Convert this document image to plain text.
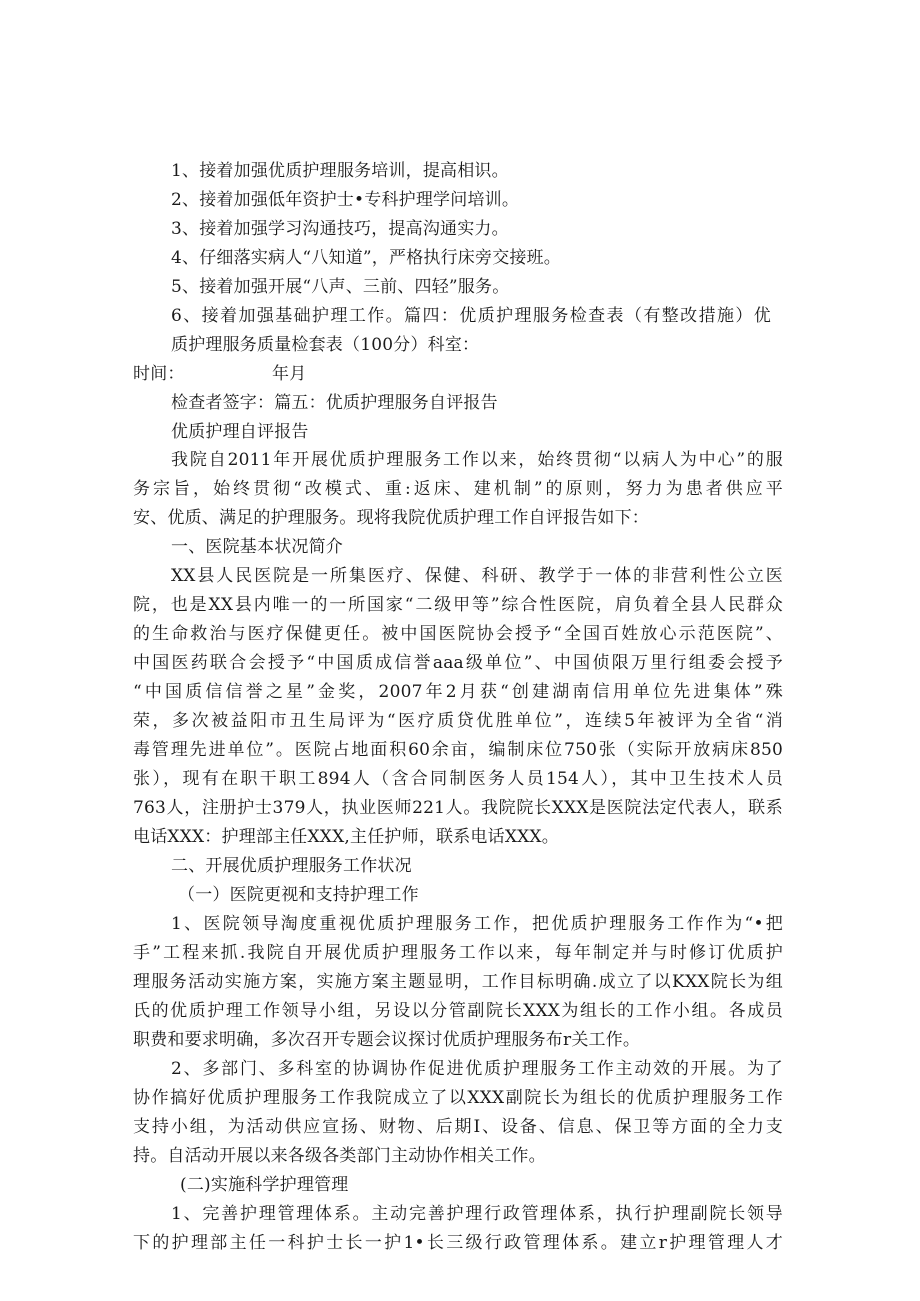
1、接着加强优质护理服务培训，提高相识。
2、接着加强低年资护士•专科护理学问培训。
3、接着加强学习沟通技巧，提高沟通实力。
4、仔细落实病人“八知道”，严格执行床旁交接班。
5、接着加强开展“八声、三前、四轻”服务。
6、接着加强基础护理工作。篇四：优质护理服务检查表（有整改措施）优
质护理服务质量检套表（100分）科室：
时间：	年月
检查者签字：篇五：优质护理服务自评报告
优质护理自评报告
我院自2011年开展优质护理服务工作以来，始终贯彻“以病人为中心”的服
务宗旨，始终贯彻“改模式、重:返床、建机制”的原则，努力为患者供应平
安、优质、满足的护理服务。现将我院优质护理工作自评报告如下：
一、医院基本状况简介
XX县人民医院是一所集医疗、保健、科研、教学于一体的非营利性公立医
院，也是XX县内唯一的一所国家“二级甲等”综合性医院，肩负着全县人民群众
的生命救治与医疗保健更任。被中国医院协会授予“全国百姓放心示范医院”、
中国医药联合会授予“中国质成信誉aaa级单位”、中国侦限万里行组委会授予
“中国质信信誉之星”金奖，2007年2月获“创建湖南信用单位先进集体”殊
荣，多次被益阳市丑生局评为“医疗质贷优胜单位”，连续5年被评为全省“消
毒管理先进单位”。医院占地面积60余亩，编制床位750张（实际开放病床850
张），现有在职干职工894人（含合同制医务人员154人），其中卫生技术人员
763人，注册护士379人，执业医师221人。我院院长XXX是医院法定代表人，联系
电话XXX：护理部主任XXX,主任护师，联系电话XXX。
二、开展优质护理服务工作状况
（一）医院更视和支持护理工作
1、医院领导淘度重视优质护理服务工作，把优质护理服务工作作为“•把
手”工程来抓.我院自开展优质护理服务工作以来，每年制定并与时修订优质护
理服务活动实施方案，实施方案主题显明，工作目标明确.成立了以KXX院长为组
氏的优质护理工作领导小组，另设以分管副院长XXX为组长的工作小组。各成员
职费和要求明确，多次召开专题会议探讨优质护理服务布r关工作。
2、多部门、多科室的协调协作促进优质护理服务工作主动效的开展。为了
协作搞好优质护理服务工作我院成立了以XXX副院长为组长的优质护理服务工作
支持小组，为活动供应宣扬、财物、后期I、设备、信息、保卫等方面的全力支
持。自活动开展以来各级各类部门主动协作相关工作。
(二)实施科学护理管理
1、完善护理管理体系。主动完善护理行政管理体系，执行护理副院长领导
下的护理部主任一科护士长一护1•长三级行政管理体系。建立r护理管理人才
